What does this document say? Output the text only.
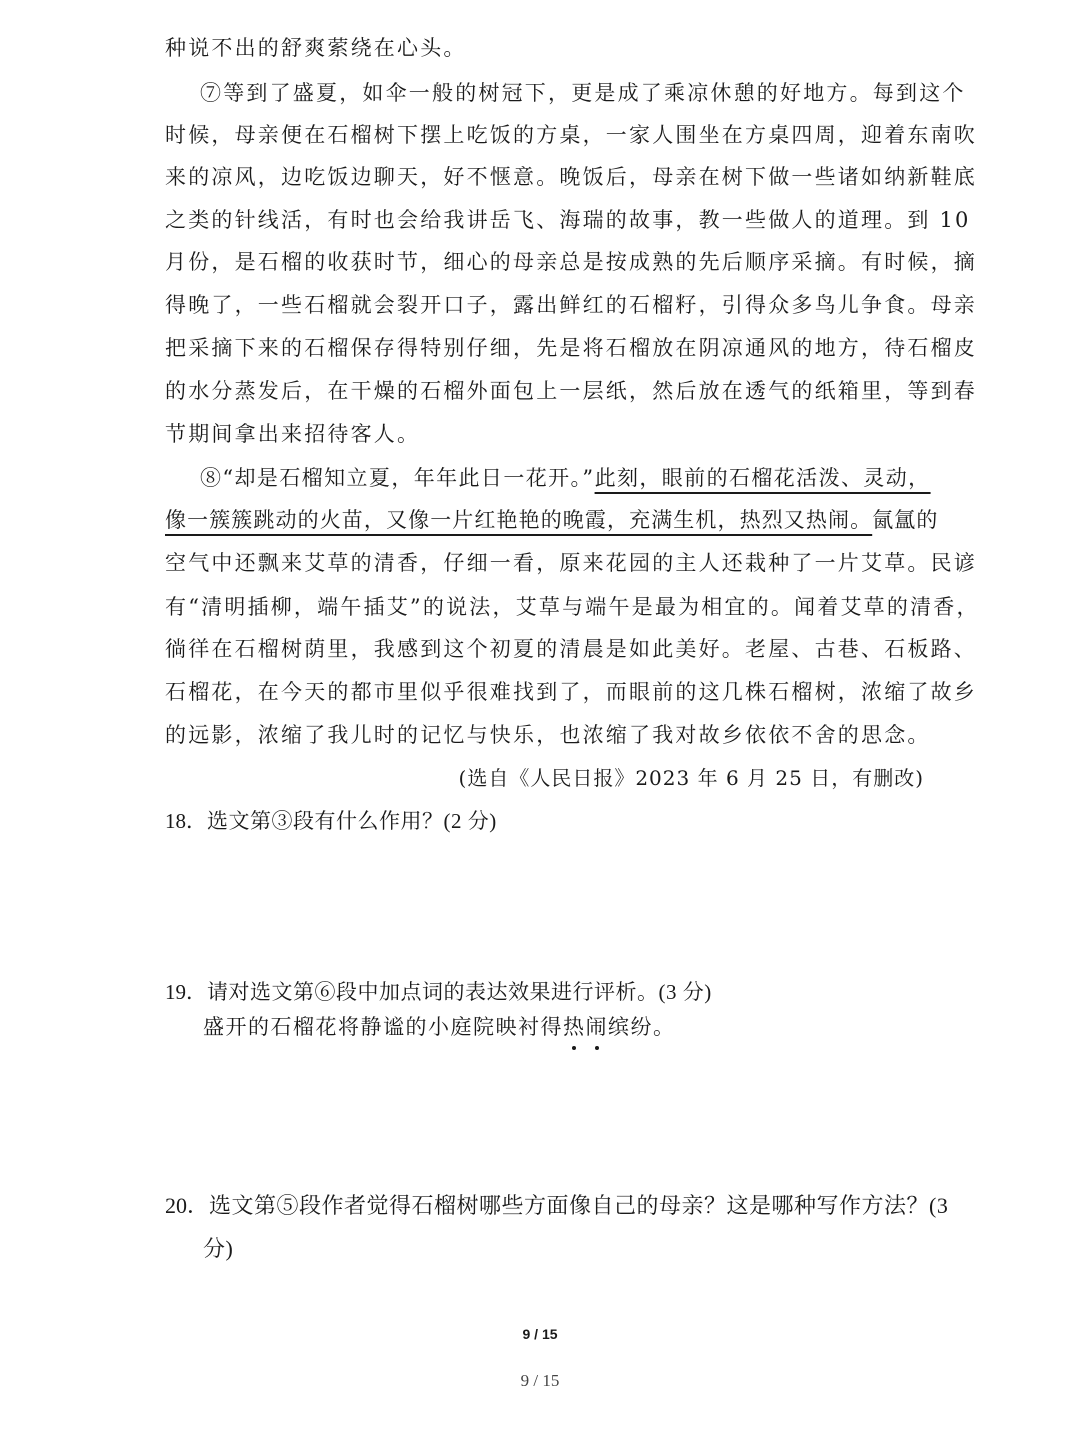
种说不出的舒爽萦绕在心头。
⑦等到了盛夏，如伞一般的树冠下，更是成了乘凉休憩的好地方。每到这个
时候，母亲便在石榴树下摆上吃饭的方桌，一家人围坐在方桌四周，迎着东南吹
来的凉风，边吃饭边聊天，好不惬意。晚饭后，母亲在树下做一些诸如纳新鞋底
之类的针线活，有时也会给我讲岳飞、海瑞的故事，教一些做人的道理。到 10
月份，是石榴的收获时节，细心的母亲总是按成熟的先后顺序采摘。有时候，摘
得晚了，一些石榴就会裂开口子，露出鲜红的石榴籽，引得众多鸟儿争食。母亲
把采摘下来的石榴保存得特别仔细，先是将石榴放在阴凉通风的地方，待石榴皮
的水分蒸发后，在干燥的石榴外面包上一层纸，然后放在透气的纸箱里，等到春
节期间拿出来招待客人。
⑧“却是石榴知立夏，年年此日一花开。”此刻，眼前的石榴花活泼、灵动，
像一簇簇跳动的火苗，又像一片红艳艳的晚霞，充满生机，热烈又热闹。氤氲的
空气中还飘来艾草的清香，仔细一看，原来花园的主人还栽种了一片艾草。民谚
有“清明插柳，端午插艾”的说法，艾草与端午是最为相宜的。闻着艾草的清香，
徜徉在石榴树荫里，我感到这个初夏的清晨是如此美好。老屋、古巷、石板路、
石榴花，在今天的都市里似乎很难找到了，而眼前的这几株石榴树，浓缩了故乡
的远影，浓缩了我儿时的记忆与快乐，也浓缩了我对故乡依依不舍的思念。
(选自《人民日报》2023 年 6 月 25 日，有删改)
18．选文第③段有什么作用？(2 分)
19．请对选文第⑥段中加点词的表达效果进行评析。(3 分)
盛开的石榴花将静谧的小庭院映衬得热闹缤纷。
20．选文第⑤段作者觉得石榴树哪些方面像自己的母亲？这是哪种写作方法？(3
分)
9 / 15
9 / 15
